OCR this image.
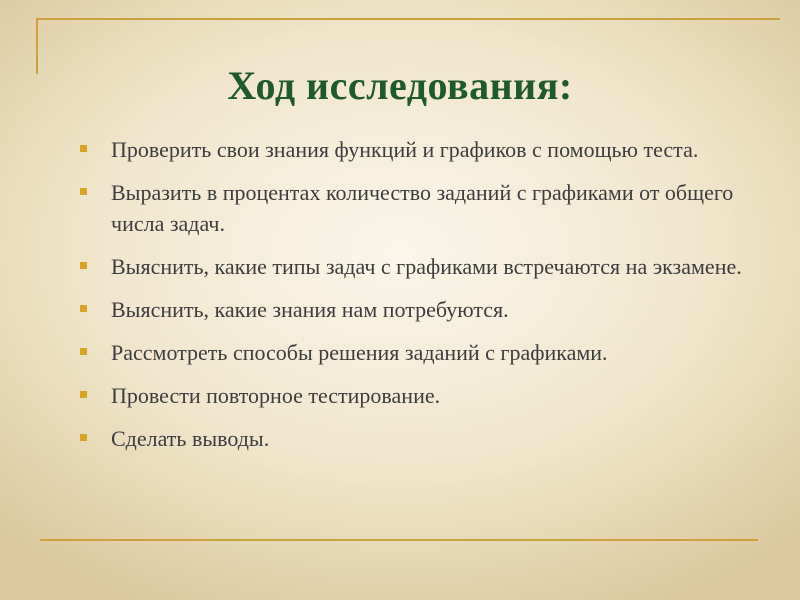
Ход исследования:
Проверить свои знания функций и графиков с помощью теста.
Выразить в процентах количество заданий с графиками от общего числа задач.
Выяснить, какие типы задач с графиками встречаются на экзамене.
Выяснить, какие знания нам потребуются.
Рассмотреть способы решения заданий с графиками.
Провести повторное тестирование.
Сделать выводы.
